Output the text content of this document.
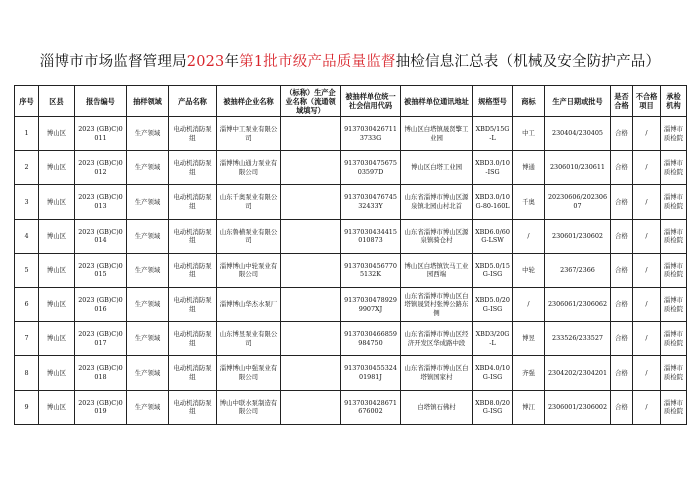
淄博市市场监督管理局2023年第1批市级产品质量监督抽检信息汇总表（机械及安全防护产品）
序号	区县	报告编号	抽样领域	产品名称	被抽样企业名称	（标称）生产企业名称（流通领域填写）	被抽样单位统一社会信用代码	被抽样单位通讯地址	规格型号	商标	生产日期或批号	是否合格	不合格项目	承检机构
1	博山区	2023 (GB)C)0 011	生产领域	电动机消防泵组	淄博中工泵业有限公司		91370304267113733G	博山区白塔镇晟贤擎工业园	XBD5/15G-L	中工	230404/230405	合格	/	淄博市质检院
2	博山区	2023 (GB)C)0 012	生产领域	电动机消防泵组	淄博博山通力泵业有限公司		913703047567503597D	博山区白塔工业园	XBD3.0/10-ISG	博通	2306010/230611	合格	/	淄博市质检院
3	博山区	2023 (GB)C)0 013	生产领域	电动机消防泵组	山东千奥泵业有限公司		913703047674532433Y	山东省淄博市博山区源泉镇北园山村北首	XBD3.0/10G-80-160L	千奥	20230606/20230607	合格	/	淄博市质检院
4	博山区	2023 (GB)C)0 014	生产领域	电动机消防泵组	山东鲁横泵业有限公司		9137030434415010873	山东省淄博市博山区源泉镇骑仓村	XBD6.0/60G-LSW	/	230601/230602	合格	/	淄博市质检院
5	博山区	2023 (GB)C)0 015	生产领域	电动机消防泵组	淄博博山中轮泵业有限公司		91370304567705132K	博山区白塔镇饮马工业园西端	XBD5.0/15G-ISG	中轮	2367/2366	合格	/	淄博市质检院
6	博山区	2023 (GB)C)0 016	生产领域	电动机消防泵组	淄博博山华杰水泵厂		91370304789299907XJ	山东省淄博市博山区白塔镇晟贤村张博公路东侧	XBD5.0/20G-ISG	/	2306061/2306062	合格	/	淄博市质检院
7	博山区	2023 (GB)C)0 017	生产领域	电动机消防泵组	山东博昱泵业有限公司		9137030466859984750	山东省淄博市博山区经济开发区华成路中段	XBD3/20G-L	博昱	233526/233527	合格	/	淄博市质检院
8	博山区	2023 (GB)C)0 018	生产领域	电动机消防泵组	淄博博山中强泵业有限公司		913703045532401981J	山东省淄博市博山区白塔镇国家村	XBD4.0/10G-ISG	齐强	2304202/2304201	合格	/	淄博市质检院
9	博山区	2023 (GB)C)0 019	生产领域	电动机消防泵组	博山中联水泵制造有限公司		9137030428671676002	白塔镇石佛村	XBD8.0/20G-ISG	博江	2306001/2306002	合格	/	淄博市质检院
